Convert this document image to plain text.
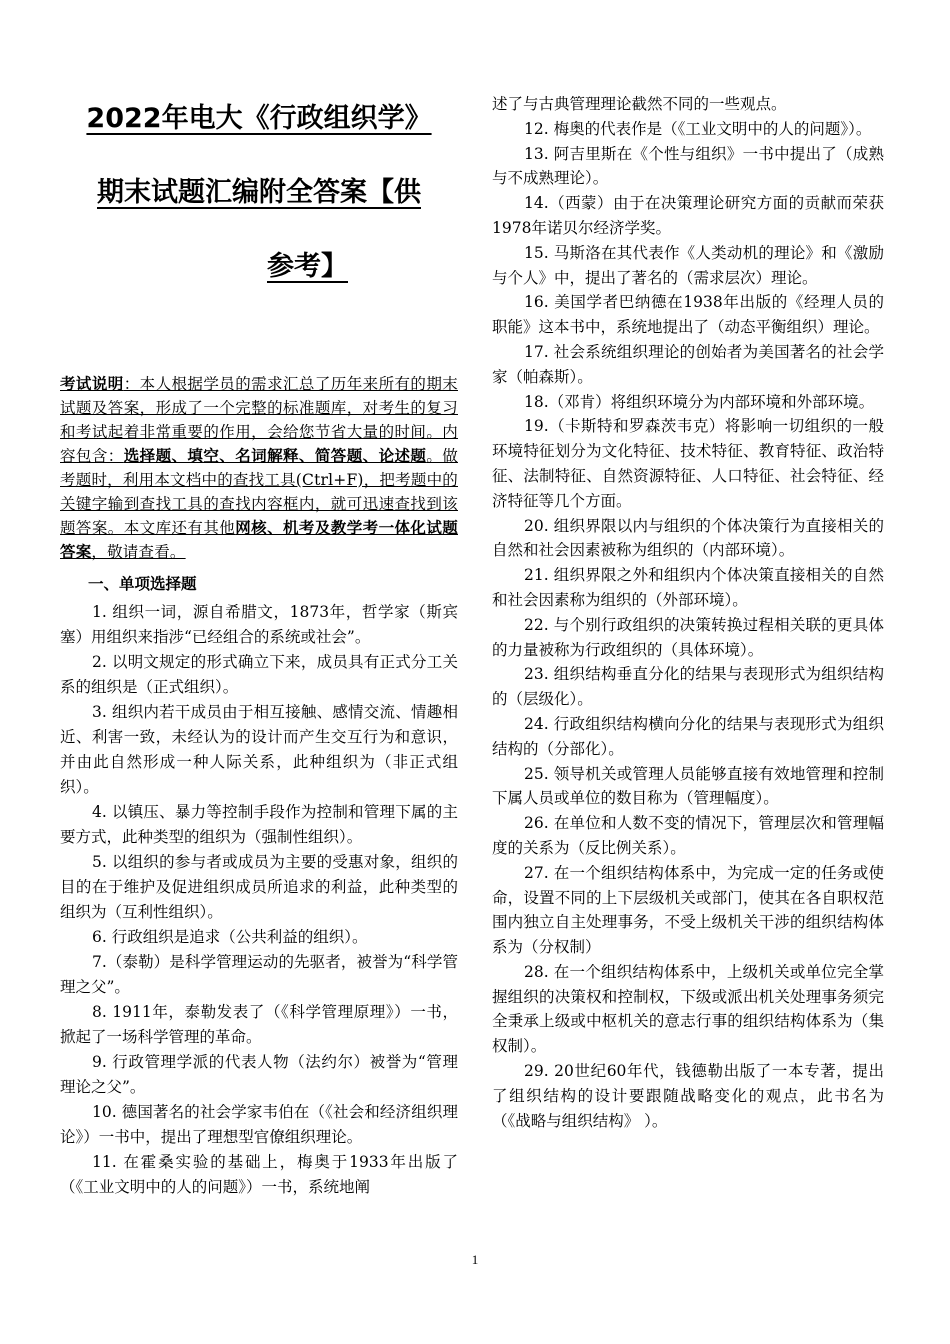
2022年电大《行政组织学》
期末试题汇编附全答案【供
参考】
考试说明：本人根据学员的需求汇总了历年来所有的期末试题及答案，形成了一个完整的标准题库，对考生的复习和考试起着非常重要的作用，会给您节省大量的时间。内容包含：选择题、填空、名词解释、简答题、论述题。做考题时，利用本文档中的查找工具(Ctrl+F)，把考题中的关键字输到查找工具的查找内容框内，就可迅速查找到该题答案。本文库还有其他网核、机考及教学考一体化试题答案，敬请查看。
一、单项选择题

1. 组织一词，源自希腊文，1873年，哲学家（斯宾塞）用组织来指涉“已经组合的系统或社会”。

2. 以明文规定的形式确立下来，成员具有正式分工关系的组织是（正式组织）。

3. 组织内若干成员由于相互接触、感情交流、情趣相近、利害一致，未经认为的设计而产生交互行为和意识，并由此自然形成一种人际关系，此种组织为（非正式组织）。

4. 以镇压、暴力等控制手段作为控制和管理下属的主要方式，此种类型的组织为（强制性组织）。

5. 以组织的参与者或成员为主要的受惠对象，组织的目的在于维护及促进组织成员所追求的利益，此种类型的组织为（互利性组织）。

6. 行政组织是追求（公共利益的组织）。

7.（泰勒）是科学管理运动的先驱者，被誉为“科学管理之父”。

8. 1911年，泰勒发表了（《科学管理原理》）一书，掀起了一场科学管理的革命。

9. 行政管理学派的代表人物（法约尔）被誉为“管理理论之父”。

10. 德国著名的社会学家韦伯在（《社会和经济组织理论》）一书中，提出了理想型官僚组织理论。

11. 在霍桑实验的基础上，梅奥于1933年出版了（《工业文明中的人的问题》）一书，系统地阐

述了与古典管理理论截然不同的一些观点。

12. 梅奥的代表作是（《工业文明中的人的问题》）。

13. 阿吉里斯在《个性与组织》一书中提出了（成熟与不成熟理论）。

14.（西蒙）由于在决策理论研究方面的贡献而荣获1978年诺贝尔经济学奖。

15. 马斯洛在其代表作《人类动机的理论》和《激励与个人》中，提出了著名的（需求层次）理论。

16. 美国学者巴纳德在1938年出版的《经理人员的职能》这本书中，系统地提出了（动态平衡组织）理论。

17. 社会系统组织理论的创始者为美国著名的社会学家（帕森斯）。

18.（邓肯）将组织环境分为内部环境和外部环境。

19.（卡斯特和罗森茨韦克）将影响一切组织的一般环境特征划分为文化特征、技术特征、教育特征、政治特征、法制特征、自然资源特征、人口特征、社会特征、经济特征等几个方面。

20. 组织界限以内与组织的个体决策行为直接相关的自然和社会因素被称为组织的（内部环境）。

21. 组织界限之外和组织内个体决策直接相关的自然和社会因素称为组织的（外部环境）。

22. 与个别行政组织的决策转换过程相关联的更具体的力量被称为行政组织的（具体环境）。

23. 组织结构垂直分化的结果与表现形式为组织结构的（层级化）。

24. 行政组织结构横向分化的结果与表现形式为组织结构的（分部化）。

25. 领导机关或管理人员能够直接有效地管理和控制下属人员或单位的数目称为（管理幅度）。

26. 在单位和人数不变的情况下，管理层次和管理幅度的关系为（反比例关系）。

27. 在一个组织结构体系中，为完成一定的任务或使命，设置不同的上下层级机关或部门，使其在各自职权范围内独立自主处理事务，不受上级机关干涉的组织结构体系为（分权制）

28. 在一个组织结构体系中，上级机关或单位完全掌握组织的决策权和控制权，下级或派出机关处理事务须完全秉承上级或中枢机关的意志行事的组织结构体系为（集权制）。

29. 20世纪60年代，钱德勒出版了一本专著，提出了组织结构的设计要跟随战略变化的观点，此书名为（《战略与组织结构》 ）。

1
